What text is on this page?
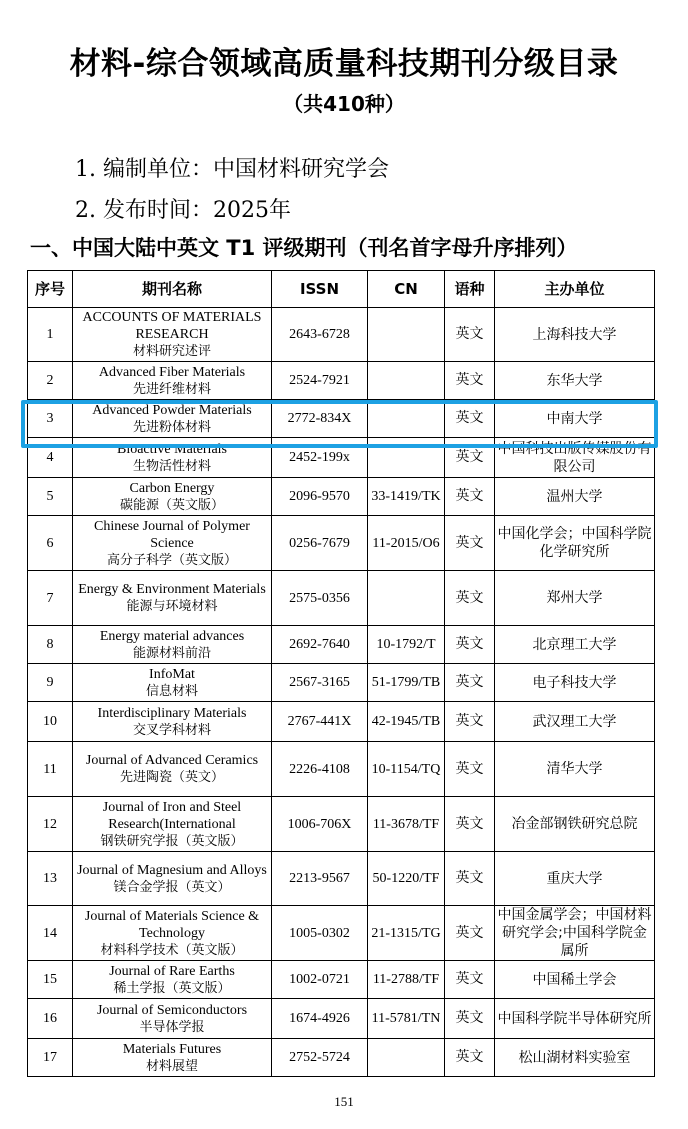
材料-综合领域高质量科技期刊分级目录
（共410种）
1. 编制单位：中国材料研究学会
2. 发布时间：2025年
一、中国大陆中英文 T1 评级期刊（刊名首字母升序排列）
序号	期刊名称	ISSN	CN	语种	主办单位
1	ACCOUNTS OF MATERIALS RESEARCH
材料研究述评	2643-6728		英文	上海科技大学
2	Advanced Fiber Materials
先进纤维材料	2524-7921		英文	东华大学
3	Advanced Powder Materials
先进粉体材料	2772-834X		英文	中南大学
4	Bioactive Materials
生物活性材料	2452-199x		英文	中国科技出版传媒股份有限公司
5	Carbon Energy
碳能源（英文版）	2096-9570	33-1419/TK	英文	温州大学
6	Chinese Journal of Polymer Science
高分子科学（英文版）	0256-7679	11-2015/O6	英文	中国化学会；中国科学院化学研究所
7	Energy & Environment Materials
能源与环境材料	2575-0356		英文	郑州大学
8	Energy material advances
能源材料前沿	2692-7640	10-1792/T	英文	北京理工大学
9	InfoMat
信息材料	2567-3165	51-1799/TB	英文	电子科技大学
10	Interdisciplinary Materials
交叉学科材料	2767-441X	42-1945/TB	英文	武汉理工大学
11	Journal of Advanced Ceramics
先进陶瓷（英文）	2226-4108	10-1154/TQ	英文	清华大学
12	Journal of Iron and Steel Research(International
钢铁研究学报（英文版）	1006-706X	11-3678/TF	英文	冶金部钢铁研究总院
13	Journal of Magnesium and Alloys
镁合金学报（英文）	2213-9567	50-1220/TF	英文	重庆大学
14	Journal of Materials Science & Technology
材料科学技术（英文版）	1005-0302	21-1315/TG	英文	中国金属学会；中国材料研究学会;中国科学院金属所
15	Journal of Rare Earths
稀土学报（英文版）	1002-0721	11-2788/TF	英文	中国稀土学会
16	Journal of Semiconductors
半导体学报	1674-4926	11-5781/TN	英文	中国科学院半导体研究所
17	Materials Futures
材料展望	2752-5724		英文	松山湖材料实验室
151
